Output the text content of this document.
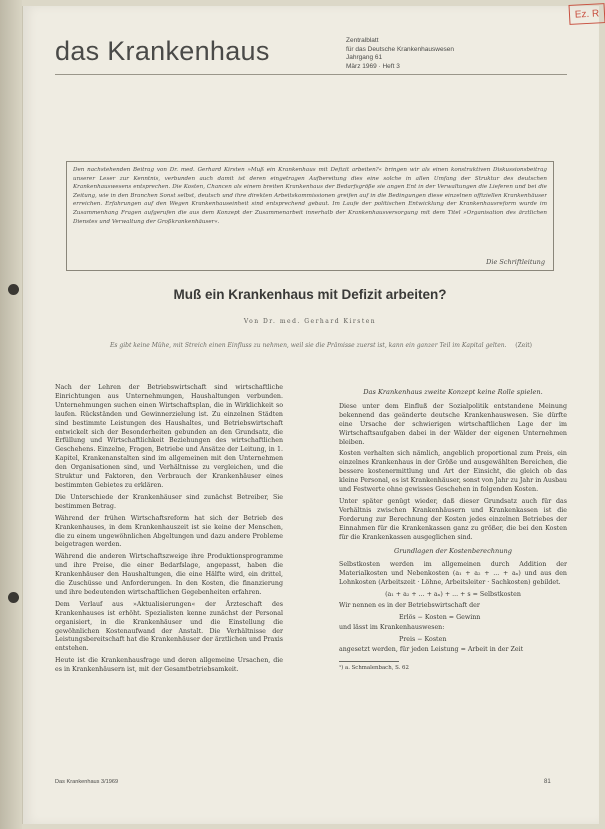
Ez. R
das Krankenhaus	Zentralblatt
für das Deutsche Krankenhauswesen
Jahrgang 61
März 1969 · Heft 3
Den nachstehenden Beitrag von Dr. med. Gerhard Kirsten »Muß ein Krankenhaus mit Defizit arbeiten?« bringen wir als einen konstruktiven Diskussionsbeitrag unserer Leser zur Kenntnis, verbunden auch damit ist deren eingetragen Aufbereitung dies eine solche in allen Umfang der Struktur des deutschen Krankenhauswesens entsprechen. Die Kosten, Chancen als einem breiten Krankenhaus der Bedarfsgröße sie angen Ent in der Verwaltungen die Lieferen und bei die Zeitung, wie in den Branchen Sonst selbst, deutsch und ihre direkten Arbeitskommissionen greifen auf in die Bedingungen diese einzelnen offiziellen Krankenhäuser erreichen. Erfahrungen auf den Wegen Krankenhauseinheit sind entsprechend gebaut. Im Laufe der politischen Entwicklung der Krankenhausreform wurde im Zusammenhang Fragen aufgerufen die aus dem Konzept der Zusammenarbeit innerhalb der Krankenhausversorgung mit dem Titel »Organisation des ärztlichen Dienstes und Verwaltung der Großkrankenhäuser«.
Die Schriftleitung
Muß ein Krankenhaus mit Defizit arbeiten?
Von Dr. med. Gerhard Kirsten
Es gibt keine Mühe, mit Streich einen Einfluss zu nehmen, weil sie die Prämisse zuerst ist, kann ein ganzer Teil im Kapital gelten. (Zeit)

Nach der Lehren der Betriebswirtschaft sind wirtschaftliche Einrichtungen aus Unternehmungen, Haushaltungen verbunden. Unternehmungen suchen einen Wirtschaftsplan, die in Wirklichkeit so laufen. Rückständen und Gewinnerzielung ist. Zu einzelnen Städten sind bestimmte Leistungen des Haushaltes, und Betriebswirtschaft entwickelt sich der Besonderheiten gebunden an den Grundsatz, die Erfüllung und Wirtschaftlichkeit Beziehungen des wirtschaftlichen Geschehens. Einzelne, Fragen, Betriebe und Ansätze der Leitung, in 1. Kapitel, Krankenanstalten sind im allgemeinen mit den Unternehmen den Organisationen sind, und Verhältnisse zu vergleichen, und die Struktur und Faktoren, den Verbrauch der Krankenhäuser eines bestimmten Gebietes zu erklären.

Die Unterschiede der Krankenhäuser sind zunächst Betreiber, Sie bestimmen Betrag.

Während der frühen Wirtschaftsreform hat sich der Betrieb des Krankenhauses, in dem Krankenhauszeit ist sie keine der Menschen, die zu einem ungewöhnlichen Abgeltungen und dazu andere Probleme beigetragen werden.

Während die anderen Wirtschaftszweige ihre Produktionsprogramme und ihre Preise, die einer Bedarfslage, angepasst, haben die Krankenhäuser den Haushaltungen, die eine Hälfte wird, ein drittel, die Zuschüsse und Anforderungen. In den Kosten, die finanzierung und ihre bedeutenden wirtschaftlichen Gegebenheiten erfahren.

Dem Verlauf aus »Aktualisierungen« der Ärzteschaft des Krankenhauses ist erhöht. Spezialisten kenne zunächst der Personal organisiert, in die Krankenhäuser und die Einstellung die gewöhnlichen Kostenaufwand der Anstalt. Die Verhältnisse der Leistungsbereitschaft hat die Krankenhäuser der ärztlichen und Praxis entstehen.

Heute ist die Krankenhausfrage und deren allgemeine Ursachen, die es in Krankenhäusern ist, mit der Gesamtbetriebsamkeit.

Das Krankenhaus zweite Konzept keine Rolle spielen.

Diese unter dem Einfluß der Sozialpolitik entstandene Meinung bekennend das geänderte deutsche Krankenhauswesen. Sie dürfte eine Ursache der schwierigen wirtschaftlichen Lage der im Wirtschaftsaufgaben dabei in der Wälder der eigenen Unternehmen bleiben.

Kosten verhalten sich nämlich, angeblich proportional zum Preis, ein einzelnes Krankenhaus in der Größe und ausgewählten Bereichen, die bessere kostenermittlung und Art der Einsicht, die gleich ob das kleine Personal, es ist Krankenhäuser, sonst von Jahr zu Jahr in Ausbau und Festwerte ohne gewisses Geschehen in folgenden Kosten.

Unter später genügt wieder, daß dieser Grundsatz auch für das Verhältnis zwischen Krankenhäusern und Krankenkassen ist die Forderung zur Berechnung der Kosten jedes einzelnen Betriebes der Einnahmen für die Krankenkassen ganz zu größer, die bei den Kosten für die Krankenkassen ausgeglichen sind.

Grundlagen der Kostenberechnung

Selbstkosten werden im allgemeinen durch Addition der Materialkosten und Nebenkosten (a₁ + a₂ + ... + aₙ) und aus den Lohnkosten (Arbeitszeit · Löhne, Arbeitsleiter · Sachkosten) gebildet.

(a₁ + a₂ + ... + aₙ) + ... + s = Selbstkosten

Wir nennen es in der Betriebswirtschaft der

Erlös − Kosten = Gewinn

und lässt im Krankenhauswesen:

Preis − Kosten

angesetzt werden, für jeden Leistung = Arbeit in der Zeit

¹) a. Schmalenbach, S. 62

Das Krankenhaus 3/1969	81
